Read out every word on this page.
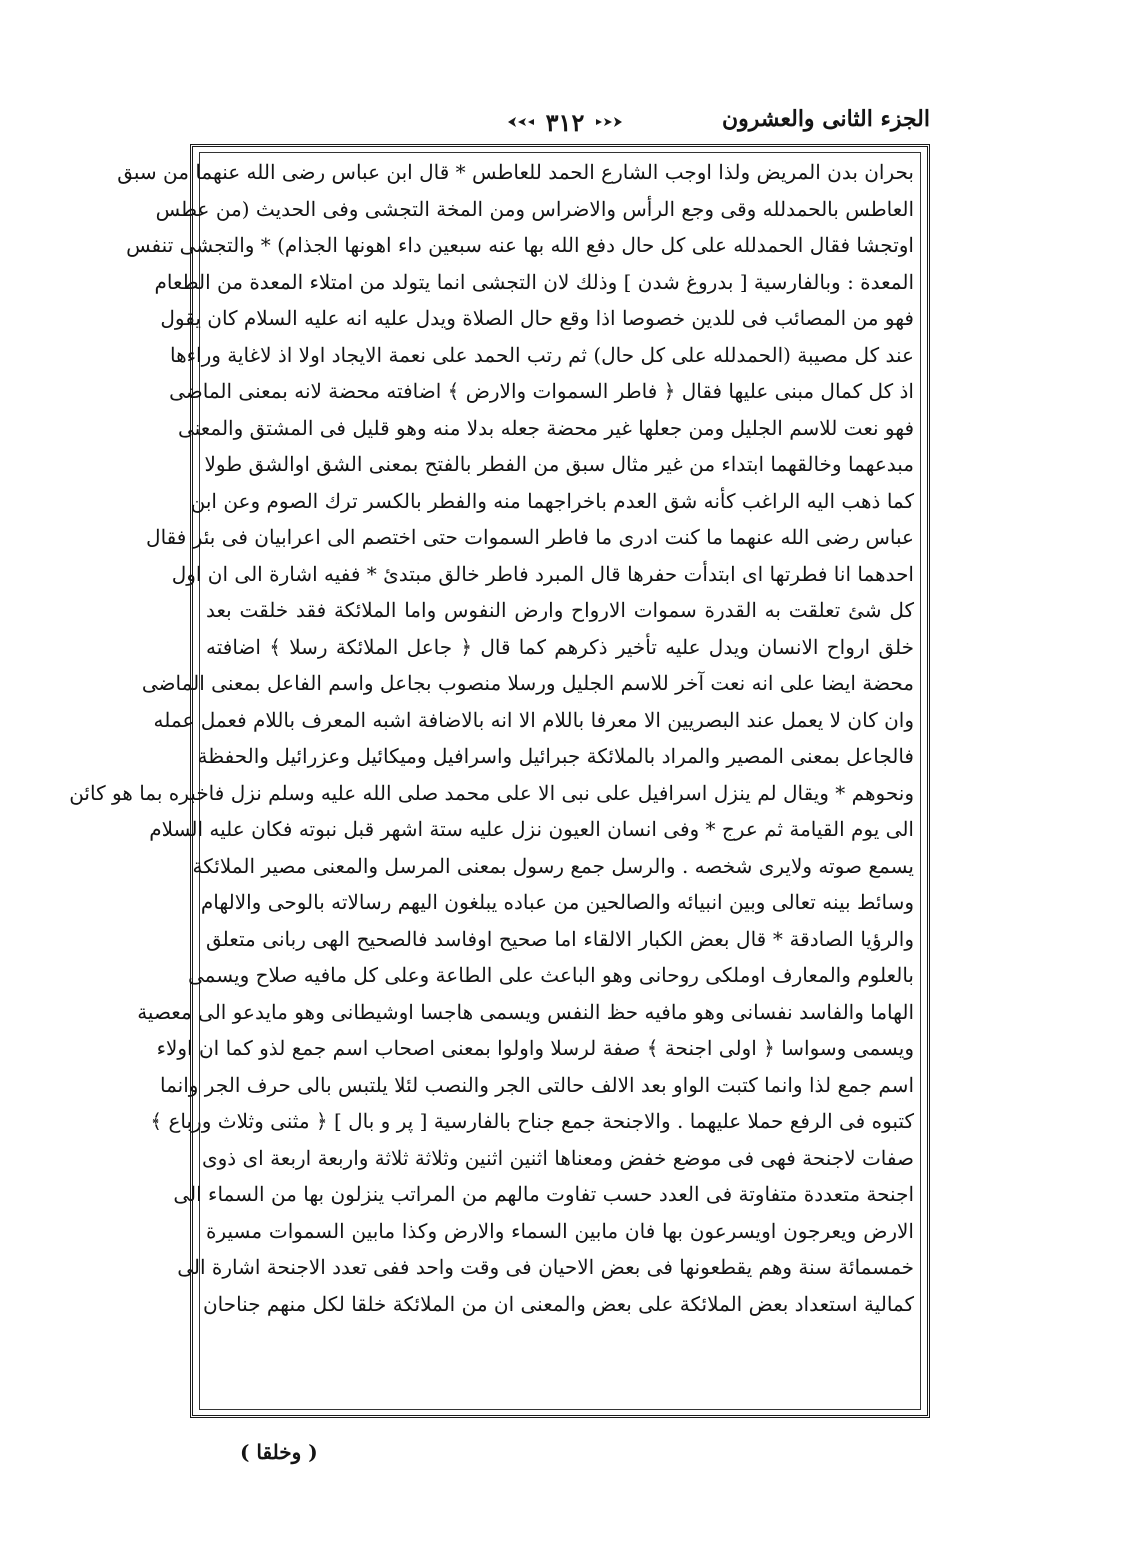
الجزء الثانى والعشرون
٣١٢
بحران بدن المريض ولذا اوجب الشارع الحمد للعاطس * قال ابن عباس رضى الله عنهما من سبق
العاطس بالحمدلله وقى وجع الرأس والاضراس ومن المخة التجشى وفى الحديث (من عطس
اوتجشا فقال الحمدلله على كل حال دفع الله بها عنه سبعين داء اهونها الجذام) * والتجشى تنفس
المعدة : وبالفارسية [ بدروغ شدن ] وذلك لان التجشى انما يتولد من امتلاء المعدة من الطعام
فهو من المصائب فى للدين خصوصا اذا وقع حال الصلاة ويدل عليه انه عليه السلام كان يقول
عند كل مصيبة (الحمدلله على كل حال) ثم رتب الحمد على نعمة الايجاد اولا اذ لاغاية وراءها
اذ كل كمال مبنى عليها فقال ﴿ فاطر السموات والارض ﴾ اضافته محضة لانه بمعنى الماضى
فهو نعت للاسم الجليل ومن جعلها غير محضة جعله بدلا منه وهو قليل فى المشتق والمعنى
مبدعهما وخالقهما ابتداء من غير مثال سبق من الفطر بالفتح بمعنى الشق اوالشق طولا
كما ذهب اليه الراغب كأنه شق العدم باخراجهما منه والفطر بالكسر ترك الصوم وعن ابن
عباس رضى الله عنهما ما كنت ادرى ما فاطر السموات حتى اختصم الى اعرابيان فى بئر فقال
احدهما انا فطرتها اى ابتدأت حفرها قال المبرد فاطر خالق مبتدئ * ففيه اشارة الى ان اول
كل شئ تعلقت به القدرة سموات الارواح وارض النفوس واما الملائكة فقد خلقت بعد
خلق ارواح الانسان ويدل عليه تأخير ذكرهم كما قال ﴿ جاعل الملائكة رسلا ﴾ اضافته
محضة ايضا على انه نعت آخر للاسم الجليل ورسلا منصوب بجاعل واسم الفاعل بمعنى الماضى
وان كان لا يعمل عند البصريين الا معرفا باللام الا انه بالاضافة اشبه المعرف باللام فعمل عمله
فالجاعل بمعنى المصير والمراد بالملائكة جبرائيل واسرافيل وميكائيل وعزرائيل والحفظة
ونحوهم * ويقال لم ينزل اسرافيل على نبى الا على محمد صلى الله عليه وسلم نزل فاخبره بما هو كائن
الى يوم القيامة ثم عرج * وفى انسان العيون نزل عليه ستة اشهر قبل نبوته فكان عليه السلام
يسمع صوته ولايرى شخصه . والرسل جمع رسول بمعنى المرسل والمعنى مصير الملائكة
وسائط بينه تعالى وبين انبيائه والصالحين من عباده يبلغون اليهم رسالاته بالوحى والالهام
والرؤيا الصادقة * قال بعض الكبار الالقاء اما صحيح اوفاسد فالصحيح الهى ربانى متعلق
بالعلوم والمعارف اوملكى روحانى وهو الباعث على الطاعة وعلى كل مافيه صلاح ويسمى
الهاما والفاسد نفسانى وهو مافيه حظ النفس ويسمى هاجسا اوشيطانى وهو مايدعو الى معصية
ويسمى وسواسا ﴿ اولى اجنحة ﴾ صفة لرسلا واولوا بمعنى اصحاب اسم جمع لذو كما ان اولاء
اسم جمع لذا وانما كتبت الواو بعد الالف حالتى الجر والنصب لئلا يلتبس بالى حرف الجر وانما
كتبوه فى الرفع حملا عليهما . والاجنحة جمع جناح بالفارسية [ پر و بال ] ﴿ مثنى وثلاث ورباع ﴾
صفات لاجنحة فهى فى موضع خفض ومعناها اثنين اثنين وثلاثة ثلاثة واربعة اربعة اى ذوى
اجنحة متعددة متفاوتة فى العدد حسب تفاوت مالهم من المراتب ينزلون بها من السماء الى
الارض ويعرجون اويسرعون بها فان مابين السماء والارض وكذا مابين السموات مسيرة
خمسمائة سنة وهم يقطعونها فى بعض الاحيان فى وقت واحد ففى تعدد الاجنحة اشارة الى
كمالية استعداد بعض الملائكة على بعض والمعنى ان من الملائكة خلقا لكل منهم جناحان
( وخلقا )
